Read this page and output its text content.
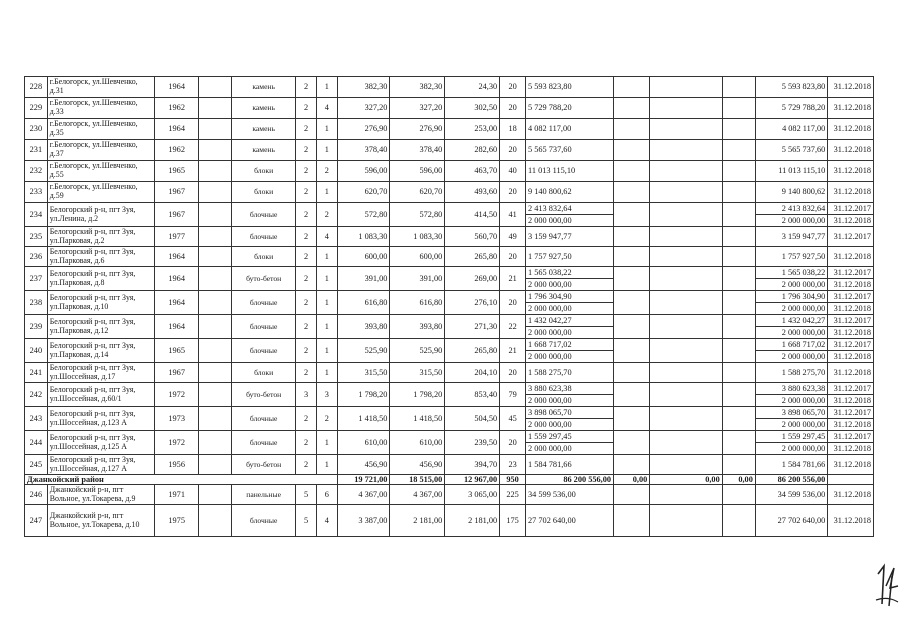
228	г.Белогорск, ул.Шевченко, д.31	1964		камень	2	1	382,30	382,30	24,30	20	5 593 823,80				5 593 823,80	31.12.2018
229	г.Белогорск, ул.Шевченко, д.33	1962		камень	2	4	327,20	327,20	302,50	20	5 729 788,20				5 729 788,20	31.12.2018
230	г.Белогорск, ул.Шевченко, д.35	1964		камень	2	1	276,90	276,90	253,00	18	4 082 117,00				4 082 117,00	31.12.2018
231	г.Белогорск, ул.Шевченко, д.37	1962		камень	2	1	378,40	378,40	282,60	20	5 565 737,60				5 565 737,60	31.12.2018
232	г.Белогорск, ул.Шевченко, д.55	1965		блоки	2	2	596,00	596,00	463,70	40	11 013 115,10				11 013 115,10	31.12.2018
233	г.Белогорск, ул.Шевченко, д.59	1967		блоки	2	1	620,70	620,70	493,60	20	9 140 800,62				9 140 800,62	31.12.2018
234	Белогорский р-н, пгт Зуя, ул.Ленина, д.2	1967		блочные	2	2	572,80	572,80	414,50	41	2 413 832,64				2 413 832,64	31.12.2017
											2 000 000,00				2 000 000,00	31.12.2018
235	Белогорский р-н, пгт Зуя, ул.Парковая, д.2	1977		блочные	2	4	1 083,30	1 083,30	560,70	49	3 159 947,77				3 159 947,77	31.12.2017
236	Белогорский р-н, пгт Зуя, ул.Парковая, д.6	1964		блоки	2	1	600,00	600,00	265,80	20	1 757 927,50				1 757 927,50	31.12.2018
237	Белогорский р-н, пгт Зуя, ул.Парковая, д.8	1964		буто-бетон	2	1	391,00	391,00	269,00	21	1 565 038,22				1 565 038,22	31.12.2017
											2 000 000,00				2 000 000,00	31.12.2018
238	Белогорский р-н, пгт Зуя, ул.Парковая, д.10	1964		блочные	2	1	616,80	616,80	276,10	20	1 796 304,90				1 796 304,90	31.12.2017
											2 000 000,00				2 000 000,00	31.12.2018
239	Белогорский р-н, пгт Зуя, ул.Парковая, д.12	1964		блочные	2	1	393,80	393,80	271,30	22	1 432 042,27				1 432 042,27	31.12.2017
											2 000 000,00				2 000 000,00	31.12.2018
240	Белогорский р-н, пгт Зуя, ул.Парковая, д.14	1965		блочные	2	1	525,90	525,90	265,80	21	1 668 717,02				1 668 717,02	31.12.2017
											2 000 000,00				2 000 000,00	31.12.2018
241	Белогорский р-н, пгт Зуя, ул.Шоссейная, д.17	1967		блоки	2	1	315,50	315,50	204,10	20	1 588 275,70				1 588 275,70	31.12.2018
242	Белогорский р-н, пгт Зуя, ул.Шоссейная, д.60/1	1972		буто-бетон	3	3	1 798,20	1 798,20	853,40	79	3 880 623,38				3 880 623,38	31.12.2017
											2 000 000,00				2 000 000,00	31.12.2018
243	Белогорский р-н, пгт Зуя, ул.Шоссейная, д.123 А	1973		блочные	2	2	1 418,50	1 418,50	504,50	45	3 898 065,70				3 898 065,70	31.12.2017
											2 000 000,00				2 000 000,00	31.12.2018
244	Белогорский р-н, пгт Зуя, ул.Шоссейная, д.125 А	1972		блочные	2	1	610,00	610,00	239,50	20	1 559 297,45				1 559 297,45	31.12.2017
											2 000 000,00				2 000 000,00	31.12.2018
245	Белогорский р-н, пгт Зуя, ул.Шоссейная, д.127 А	1956		буто-бетон	2	1	456,90	456,90	394,70	23	1 584 781,66				1 584 781,66	31.12.2018
Джанкойский район							19 721,00	18 515,00	12 967,00	950	86 200 556,00	0,00	0,00	0,00	86 200 556,00	
246	Джанкойский р-н, пгт Вольное, ул.Токарева, д.9	1971		панельные	5	6	4 367,00	4 367,00	3 065,00	225	34 599 536,00				34 599 536,00	31.12.2018
247	Джанкойский р-н, пгт Вольное, ул.Токарева, д.10	1975		блочные	5	4	3 387,00	2 181,00	2 181,00	175	27 702 640,00				27 702 640,00	31.12.2018
